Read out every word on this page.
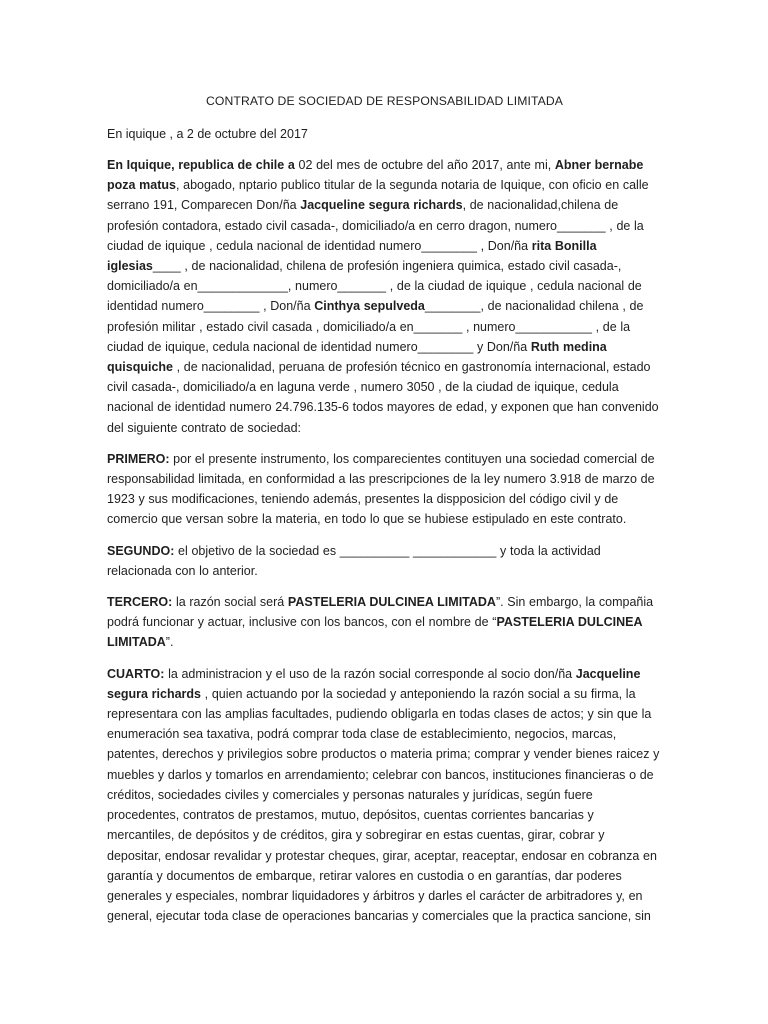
CONTRATO DE SOCIEDAD DE RESPONSABILIDAD LIMITADA

En iquique , a 2 de octubre del 2017

En Iquique, republica de chile a 02 del mes de octubre del año 2017, ante mi, Abner bernabe poza matus, abogado, nptario publico titular de la segunda notaria de Iquique, con oficio en calle serrano 191, Comparecen Don/ña Jacqueline segura richards, de nacionalidad,chilena de profesión contadora, estado civil casada-, domiciliado/a en cerro dragon, numero_______ , de la ciudad de iquique , cedula nacional de identidad numero________ , Don/ña rita Bonilla iglesias____ , de nacionalidad, chilena de profesión ingeniera quimica, estado civil casada-, domiciliado/a en_____________, numero_______ , de la ciudad de iquique , cedula nacional de identidad numero________ , Don/ña Cinthya sepulveda________, de nacionalidad chilena , de profesión militar , estado civil casada , domiciliado/a en_______ , numero___________ , de la ciudad de iquique, cedula nacional de identidad numero________ y Don/ña Ruth medina quisquiche , de nacionalidad, peruana de profesión técnico en gastronomía internacional, estado civil casada-, domiciliado/a en laguna verde , numero 3050 , de la ciudad de iquique, cedula nacional de identidad numero 24.796.135-6 todos mayores de edad, y exponen que han convenido del siguiente contrato de sociedad:

PRIMERO: por el presente instrumento, los comparecientes contituyen una sociedad comercial de responsabilidad limitada, en conformidad a las prescripciones de la ley numero 3.918 de marzo de 1923 y sus modificaciones, teniendo además, presentes la dispposicion del código civil y de comercio que versan sobre la materia, en todo lo que se hubiese estipulado en este contrato.

SEGUNDO: el objetivo de la sociedad es __________ ____________ y toda la actividad relacionada con lo anterior.

TERCERO: la razón social será PASTELERIA DULCINEA LIMITADA”. Sin embargo, la compañia podrá funcionar y actuar, inclusive con los bancos, con el nombre de “PASTELERIA DULCINEA LIMITADA”.

CUARTO: la administracion y el uso de la razón social corresponde al socio don/ña Jacqueline segura richards , quien actuando por la sociedad y anteponiendo la razón social a su firma, la representara con las amplias facultades, pudiendo obligarla en todas clases de actos; y sin que la enumeración sea taxativa, podrá comprar toda clase de establecimiento, negocios, marcas, patentes, derechos y privilegios sobre productos o materia prima; comprar y vender bienes raicez y muebles y darlos y tomarlos en arrendamiento; celebrar con bancos, instituciones financieras o de créditos, sociedades civiles y comerciales y personas naturales y jurídicas, según fuere procedentes, contratos de prestamos, mutuo, depósitos, cuentas corrientes bancarias y mercantiles, de depósitos y de créditos, gira y sobregirar en estas cuentas, girar, cobrar y depositar, endosar revalidar y protestar cheques, girar, aceptar, reaceptar, endosar en cobranza en garantía y documentos de embarque, retirar valores en custodia o en garantías, dar poderes generales y especiales, nombrar liquidadores y árbitros y darles el carácter de arbitradores y, en general, ejecutar toda clase de operaciones bancarias y comerciales que la practica sancione, sin
